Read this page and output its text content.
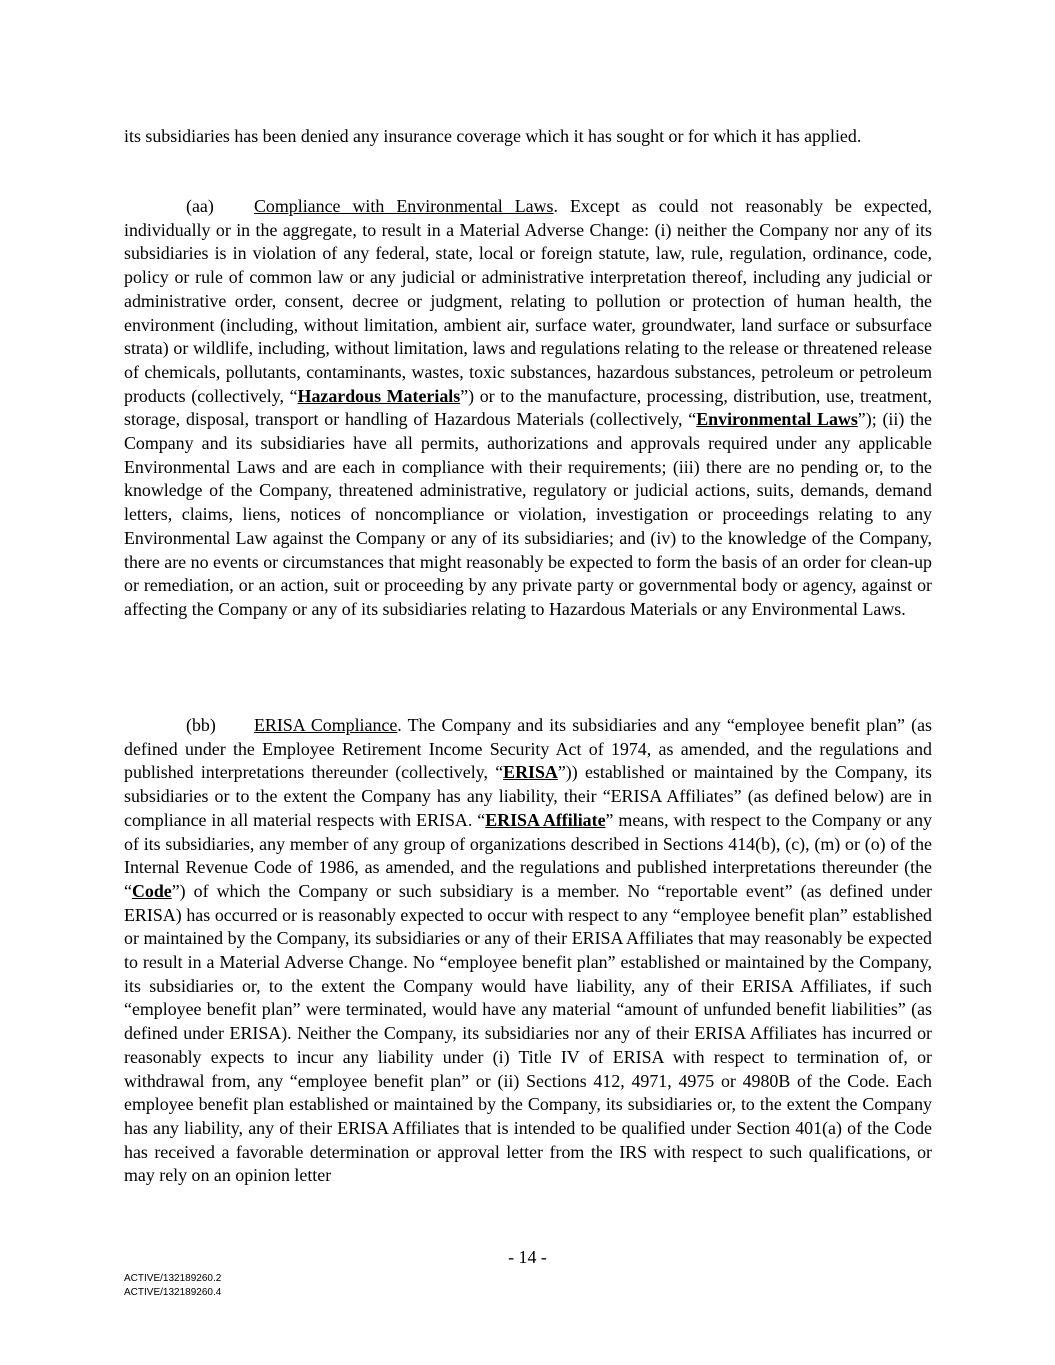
its subsidiaries has been denied any insurance coverage which it has sought or for which it has applied.
(aa) Compliance with Environmental Laws. Except as could not reasonably be expected, individually or in the aggregate, to result in a Material Adverse Change: (i) neither the Company nor any of its subsidiaries is in violation of any federal, state, local or foreign statute, law, rule, regulation, ordinance, code, policy or rule of common law or any judicial or administrative interpretation thereof, including any judicial or administrative order, consent, decree or judgment, relating to pollution or protection of human health, the environment (including, without limitation, ambient air, surface water, groundwater, land surface or subsurface strata) or wildlife, including, without limitation, laws and regulations relating to the release or threatened release of chemicals, pollutants, contaminants, wastes, toxic substances, hazardous substances, petroleum or petroleum products (collectively, “Hazardous Materials”) or to the manufacture, processing, distribution, use, treatment, storage, disposal, transport or handling of Hazardous Materials (collectively, “Environmental Laws”); (ii) the Company and its subsidiaries have all permits, authorizations and approvals required under any applicable Environmental Laws and are each in compliance with their requirements; (iii) there are no pending or, to the knowledge of the Company, threatened administrative, regulatory or judicial actions, suits, demands, demand letters, claims, liens, notices of noncompliance or violation, investigation or proceedings relating to any Environmental Law against the Company or any of its subsidiaries; and (iv) to the knowledge of the Company, there are no events or circumstances that might reasonably be expected to form the basis of an order for clean-up or remediation, or an action, suit or proceeding by any private party or governmental body or agency, against or affecting the Company or any of its subsidiaries relating to Hazardous Materials or any Environmental Laws.
(bb) ERISA Compliance. The Company and its subsidiaries and any “employee benefit plan” (as defined under the Employee Retirement Income Security Act of 1974, as amended, and the regulations and published interpretations thereunder (collectively, “ERISA”)) established or maintained by the Company, its subsidiaries or to the extent the Company has any liability, their “ERISA Affiliates” (as defined below) are in compliance in all material respects with ERISA. “ERISA Affiliate” means, with respect to the Company or any of its subsidiaries, any member of any group of organizations described in Sections 414(b), (c), (m) or (o) of the Internal Revenue Code of 1986, as amended, and the regulations and published interpretations thereunder (the “Code”) of which the Company or such subsidiary is a member. No “reportable event” (as defined under ERISA) has occurred or is reasonably expected to occur with respect to any “employee benefit plan” established or maintained by the Company, its subsidiaries or any of their ERISA Affiliates that may reasonably be expected to result in a Material Adverse Change. No “employee benefit plan” established or maintained by the Company, its subsidiaries or, to the extent the Company would have liability, any of their ERISA Affiliates, if such “employee benefit plan” were terminated, would have any material “amount of unfunded benefit liabilities” (as defined under ERISA). Neither the Company, its subsidiaries nor any of their ERISA Affiliates has incurred or reasonably expects to incur any liability under (i) Title IV of ERISA with respect to termination of, or withdrawal from, any “employee benefit plan” or (ii) Sections 412, 4971, 4975 or 4980B of the Code. Each employee benefit plan established or maintained by the Company, its subsidiaries or, to the extent the Company has any liability, any of their ERISA Affiliates that is intended to be qualified under Section 401(a) of the Code has received a favorable determination or approval letter from the IRS with respect to such qualifications, or may rely on an opinion letter
- 14 -
ACTIVE/132189260.2
ACTIVE/132189260.4
